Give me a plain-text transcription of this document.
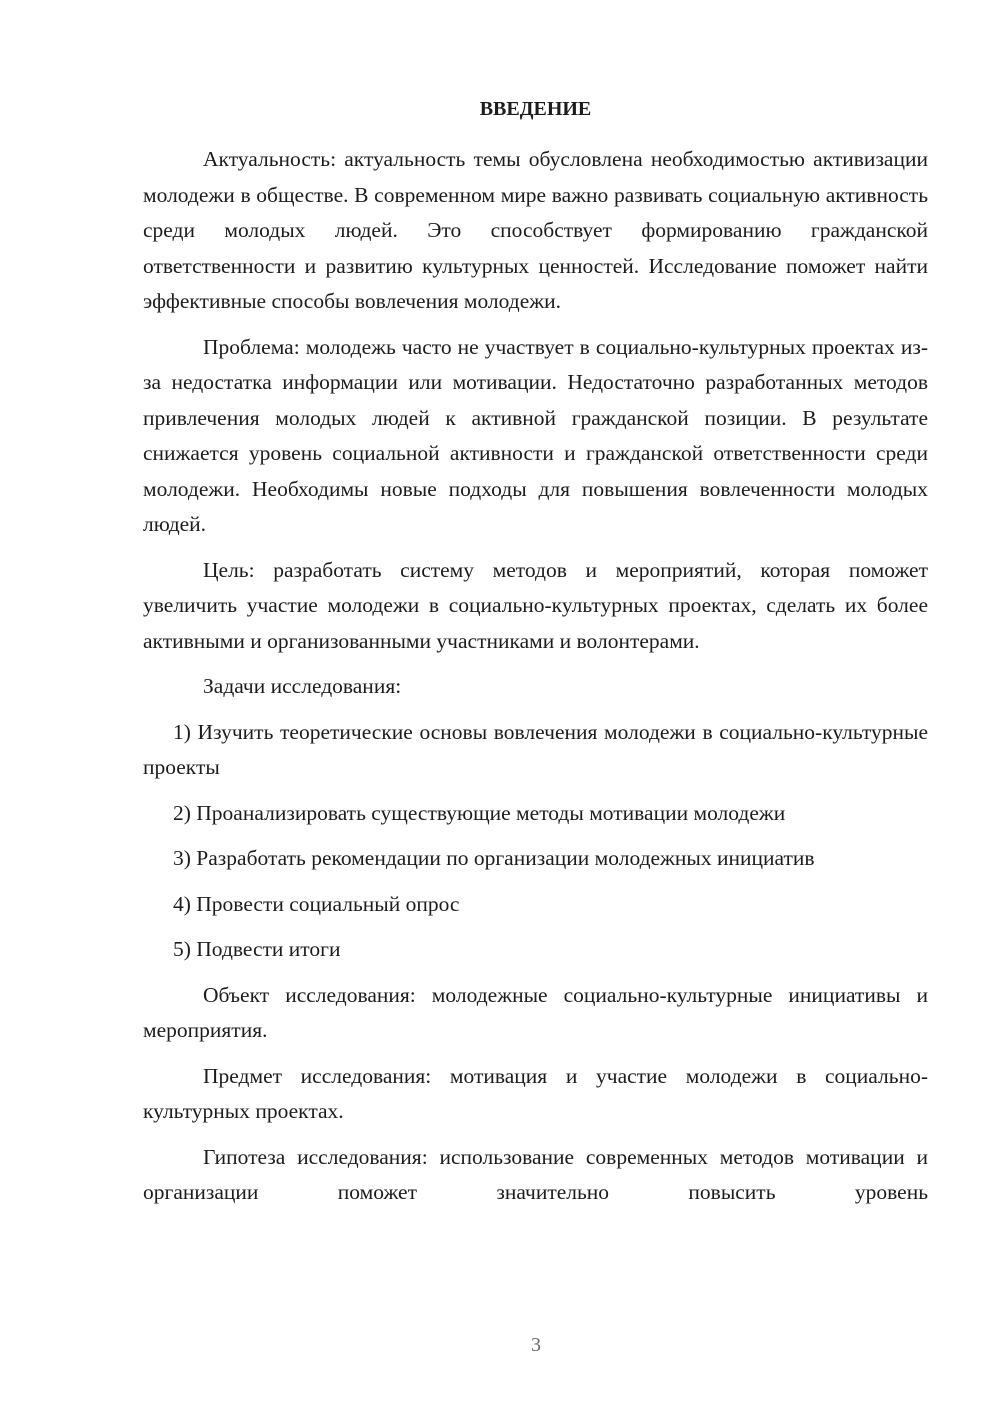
ВВЕДЕНИЕ

Актуальность: актуальность темы обусловлена необходимостью активизации молодежи в обществе. В современном мире важно развивать социальную активность среди молодых людей. Это способствует формированию гражданской ответственности и развитию культурных ценностей. Исследование поможет найти эффективные способы вовлечения молодежи.

Проблема: молодежь часто не участвует в социально-культурных проектах из-за недостатка информации или мотивации. Недостаточно разработанных методов привлечения молодых людей к активной гражданской позиции. В результате снижается уровень социальной активности и гражданской ответственности среди молодежи. Необходимы новые подходы для повышения вовлеченности молодых людей.

Цель: разработать систему методов и мероприятий, которая поможет увеличить участие молодежи в социально-культурных проектах, сделать их более активными и организованными участниками и волонтерами.

Задачи исследования:

1) Изучить теоретические основы вовлечения молодежи в социально-культурные проекты
2) Проанализировать существующие методы мотивации молодежи
3) Разработать рекомендации по организации молодежных инициатив
4) Провести социальный опрос
5) Подвести итоги

Объект исследования: молодежные социально-культурные инициативы и мероприятия.

Предмет исследования: мотивация и участие молодежи в социально-культурных проектах.

Гипотеза исследования: использование современных методов мотивации и организации поможет значительно повысить уровень

3
